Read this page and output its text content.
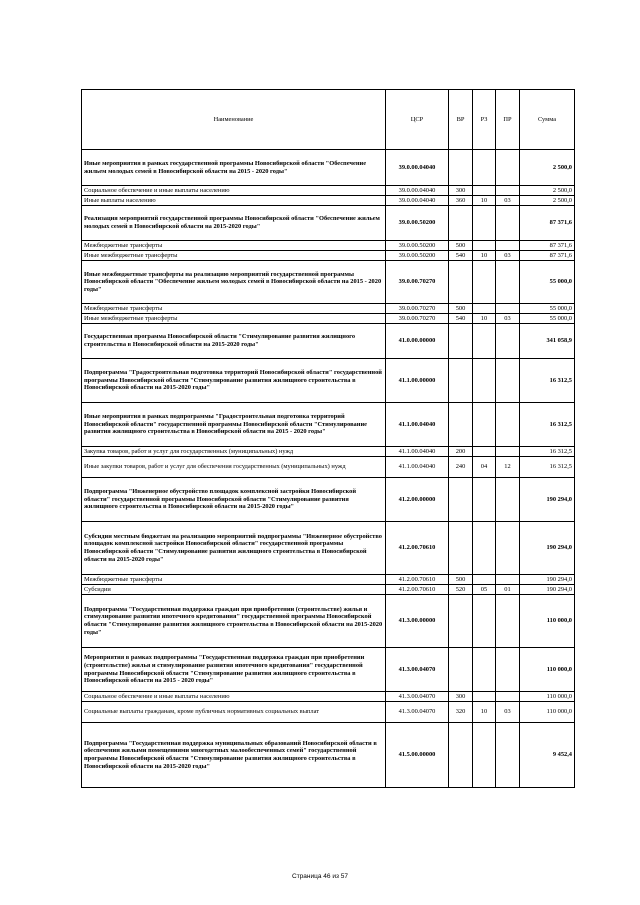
Наименование	ЦСР	ВР	РЗ	ПР	Сумма
Иные мероприятия в рамках государственной программы Новосибирской области "Обеспечение жильем молодых семей в Новосибирской области на 2015 - 2020 годы"	39.0.00.04040				2 500,0
Социальное обеспечение и иные выплаты населению	39.0.00.04040	300			2 500,0
Иные выплаты населению	39.0.00.04040	360	10	03	2 500,0
Реализация мероприятий государственной программы Новосибирской области "Обеспечение жильем молодых семей в Новосибирской области на 2015-2020 годы"	39.0.00.50200				87 371,6
Межбюджетные трансферты	39.0.00.50200	500			87 371,6
Иные межбюджетные трансферты	39.0.00.50200	540	10	03	87 371,6
Иные межбюджетные трансферты на реализацию мероприятий государственной программы Новосибирской области "Обеспечение жильем молодых семей в Новосибирской области на 2015 - 2020 годы"	39.0.00.70270				55 000,0
Межбюджетные трансферты	39.0.00.70270	500			55 000,0
Иные межбюджетные трансферты	39.0.00.70270	540	10	03	55 000,0
Государственная программа Новосибирской области "Стимулирование развития жилищного строительства в Новосибирской области на 2015-2020 годы"	41.0.00.00000				341 058,9
Подпрограмма "Градостроительная подготовка территорий Новосибирской области" государственной программы Новосибирской области "Стимулирование развития жилищного строительства в Новосибирской области на 2015-2020 годы"	41.1.00.00000				16 312,5
Иные мероприятия в рамках подпрограммы "Градостроительная подготовка территорий Новосибирской области" государственной программы Новосибирской области "Стимулирование развития жилищного строительства в Новосибирской области на 2015 - 2020 годы"	41.1.00.04040				16 312,5
Закупка товаров, работ и услуг для государственных (муниципальных) нужд	41.1.00.04040	200			16 312,5
Иные закупки товаров, работ и услуг для обеспечения государственных (муниципальных) нужд	41.1.00.04040	240	04	12	16 312,5
Подпрограмма "Инженерное обустройство площадок комплексной застройки Новосибирской области" государственной программы Новосибирской области "Стимулирование развития жилищного строительства в Новосибирской области на 2015-2020 годы"	41.2.00.00000				190 294,0
Субсидии местным бюджетам на реализацию мероприятий подпрограммы "Инженерное обустройство площадок комплексной застройки Новосибирской области" государственной программы Новосибирской области "Стимулирование развития жилищного строительства в Новосибирской области на 2015-2020 годы"	41.2.00.70610				190 294,0
Межбюджетные трансферты	41.2.00.70610	500			190 294,0
Субсидии	41.2.00.70610	520	05	01	190 294,0
Подпрограмма "Государственная поддержка граждан при приобретении (строительстве) жилья и стимулирование развития ипотечного кредитования" государственной программы Новосибирской области "Стимулирование развития жилищного строительства в Новосибирской области на 2015-2020 годы"	41.3.00.00000				110 000,0
Мероприятия в рамках подпрограммы "Государственная поддержка граждан при приобретении (строительстве) жилья и стимулирование развития ипотечного кредитования" государственной программы Новосибирской области "Стимулирование развития жилищного строительства в Новосибирской области на 2015 - 2020 годы"	41.3.00.04070				110 000,0
Социальное обеспечение и иные выплаты населению	41.3.00.04070	300			110 000,0
Социальные выплаты гражданам, кроме публичных нормативных социальных выплат	41.3.00.04070	320	10	03	110 000,0
Подпрограмма "Государственная поддержка муниципальных образований Новосибирской области в обеспечении жилыми помещениями многодетных малообеспеченных семей" государственной программы Новосибирской области "Стимулирование развития жилищного строительства в Новосибирской области на 2015-2020 годы"	41.5.00.00000				9 452,4
Страница 46 из 57
